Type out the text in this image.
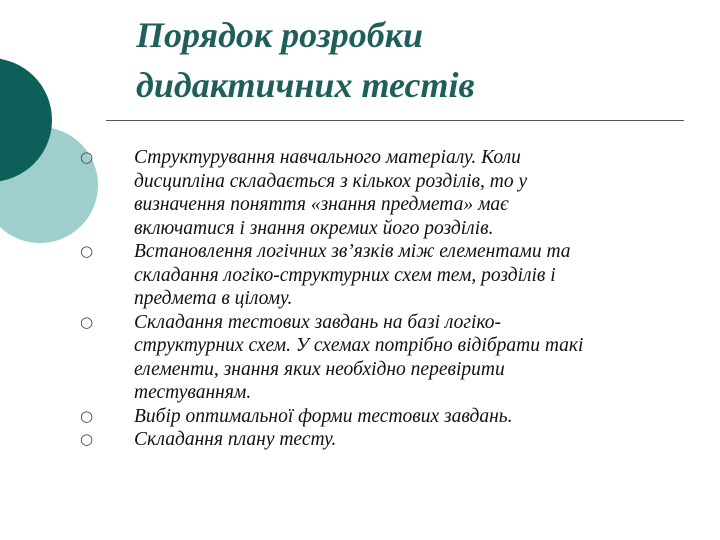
Порядок розробки
дидактичних тестів
○	Структурування навчального матеріалу. Коли
дисципліна складається з кількох розділів, то у
визначення поняття «знання предмета» має
включатися і знання окремих його розділів.
○	Встановлення логічних зв’язків між елементами та
складання логіко-структурних схем тем, розділів і
предмета в цілому.
○	Складання тестових завдань на базі логіко-
структурних схем. У схемах потрібно відібрати такі
елементи, знання яких необхідно перевірити
тестуванням.
○	Вибір оптимальної форми тестових завдань.
○	Складання плану тесту.
